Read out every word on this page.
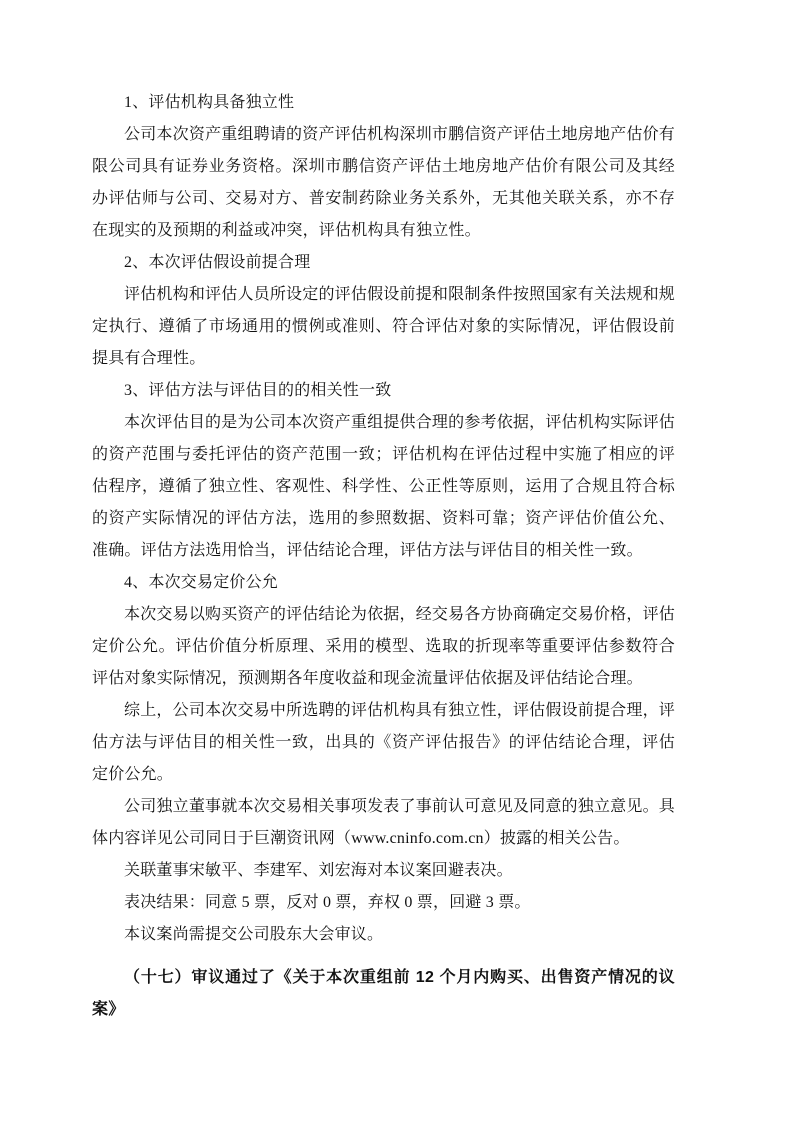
1、评估机构具备独立性

公司本次资产重组聘请的资产评估机构深圳市鹏信资产评估土地房地产估价有限公司具有证券业务资格。深圳市鹏信资产评估土地房地产估价有限公司及其经办评估师与公司、交易对方、普安制药除业务关系外，无其他关联关系，亦不存在现实的及预期的利益或冲突，评估机构具有独立性。

2、本次评估假设前提合理

评估机构和评估人员所设定的评估假设前提和限制条件按照国家有关法规和规定执行、遵循了市场通用的惯例或准则、符合评估对象的实际情况，评估假设前提具有合理性。

3、评估方法与评估目的的相关性一致

本次评估目的是为公司本次资产重组提供合理的参考依据，评估机构实际评估的资产范围与委托评估的资产范围一致；评估机构在评估过程中实施了相应的评估程序，遵循了独立性、客观性、科学性、公正性等原则，运用了合规且符合标的资产实际情况的评估方法，选用的参照数据、资料可靠；资产评估价值公允、准确。评估方法选用恰当，评估结论合理，评估方法与评估目的相关性一致。

4、本次交易定价公允

本次交易以购买资产的评估结论为依据，经交易各方协商确定交易价格，评估定价公允。评估价值分析原理、采用的模型、选取的折现率等重要评估参数符合评估对象实际情况，预测期各年度收益和现金流量评估依据及评估结论合理。

综上，公司本次交易中所选聘的评估机构具有独立性，评估假设前提合理，评估方法与评估目的相关性一致，出具的《资产评估报告》的评估结论合理，评估定价公允。

公司独立董事就本次交易相关事项发表了事前认可意见及同意的独立意见。具体内容详见公司同日于巨潮资讯网（www.cninfo.com.cn）披露的相关公告。

关联董事宋敏平、李建军、刘宏海对本议案回避表决。

表决结果：同意 5 票，反对 0 票，弃权 0 票，回避 3 票。

本议案尚需提交公司股东大会审议。

（十七）审议通过了《关于本次重组前 12 个月内购买、出售资产情况的议案》
